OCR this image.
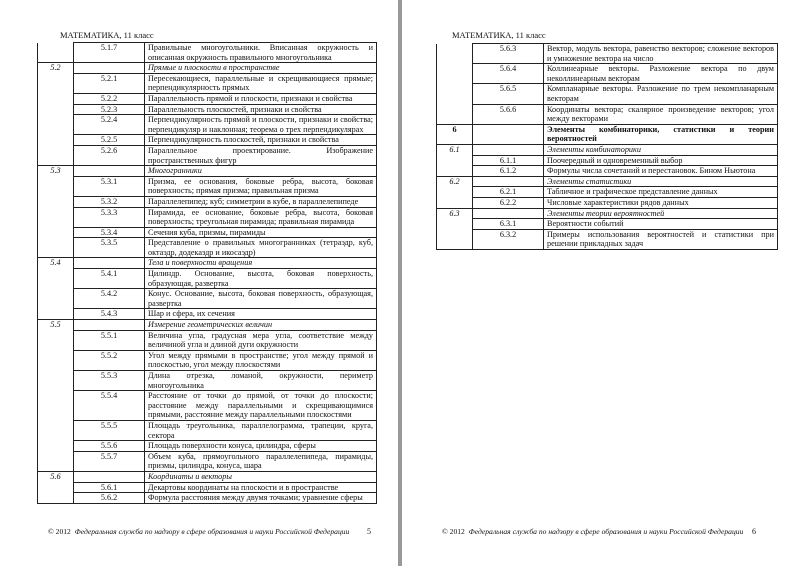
МАТЕМАТИКА, 11 класс
	5.1.7	Правильные многоугольники. Вписанная окружность и описанная окружность правильного многоугольника
5.2		Прямые и плоскости в пространстве
	5.2.1	Пересекающиеся, параллельные и скрещивающиеся прямые; перпендикулярность прямых
	5.2.2	Параллельность прямой и плоскости, признаки и свойства
	5.2.3	Параллельность плоскостей, признаки и свойства
	5.2.4	Перпендикулярность прямой и плоскости, признаки и свойства; перпендикуляр и наклонная; теорема о трех перпендикулярах
	5.2.5	Перпендикулярность плоскостей, признаки и свойства
	5.2.6	Параллельное проектирование. Изображение пространственных фигур
5.3		Многогранники
	5.3.1	Призма, ее основания, боковые ребра, высота, боковая поверхность; прямая призма; правильная призма
	5.3.2	Параллелепипед; куб; симметрии в кубе, в параллелепипеде
	5.3.3	Пирамида, ее основание, боковые ребра, высота, боковая поверхность; треугольная пирамида; правильная пирамида
	5.3.4	Сечения куба, призмы, пирамиды
	5.3.5	Представление о правильных многогранниках (тетраэдр, куб, октаэдр, додекаэдр и икосаэдр)
5.4		Тела и поверхности вращения
	5.4.1	Цилиндр. Основание, высота, боковая поверхность, образующая, развертка
	5.4.2	Конус. Основание, высота, боковая поверхность, образующая, развертка
	5.4.3	Шар и сфера, их сечения
5.5		Измерение геометрических величин
	5.5.1	Величина угла, градусная мера угла, соответствие между величиной угла и длиной дуги окружности
	5.5.2	Угол между прямыми в пространстве; угол между прямой и плоскостью, угол между плоскостями
	5.5.3	Длина отрезка, ломаной, окружности, периметр многоугольника
	5.5.4	Расстояние от точки до прямой, от точки до плоскости; расстояние между параллельными и скрещивающимися прямыми, расстояние между параллельными плоскостями
	5.5.5	Площадь треугольника, параллелограмма, трапеции, круга, сектора
	5.5.6	Площадь поверхности конуса, цилиндра, сферы
	5.5.7	Объем куба, прямоугольного параллелепипеда, пирамиды, призмы, цилиндра, конуса, шара
5.6		Координаты и векторы
	5.6.1	Декартовы координаты на плоскости и в пространстве
	5.6.2	Формула расстояния между двумя точками; уравнение сферы
© 2012 Федеральная служба по надзору в сфере образования и науки Российской Федерации 5
МАТЕМАТИКА, 11 класс
	5.6.3	Вектор, модуль вектора, равенство векторов; сложение векторов и умножение вектора на число
	5.6.4	Коллинеарные векторы. Разложение вектора по двум неколлинеарным векторам
	5.6.5	Компланарные векторы. Разложение по трем некомпланарным векторам
	5.6.6	Координаты вектора; скалярное произведение векторов; угол между векторами
6		Элементы комбинаторики, статистики и теории вероятностей
6.1		Элементы комбинаторики
	6.1.1	Поочередный и одновременный выбор
	6.1.2	Формулы числа сочетаний и перестановок. Бином Ньютона
6.2		Элементы статистики
	6.2.1	Табличное и графическое представление данных
	6.2.2	Числовые характеристики рядов данных
6.3		Элементы теории вероятностей
	6.3.1	Вероятности событий
	6.3.2	Примеры использования вероятностей и статистики при решении прикладных задач
© 2012 Федеральная служба по надзору в сфере образования и науки Российской Федерации 6
